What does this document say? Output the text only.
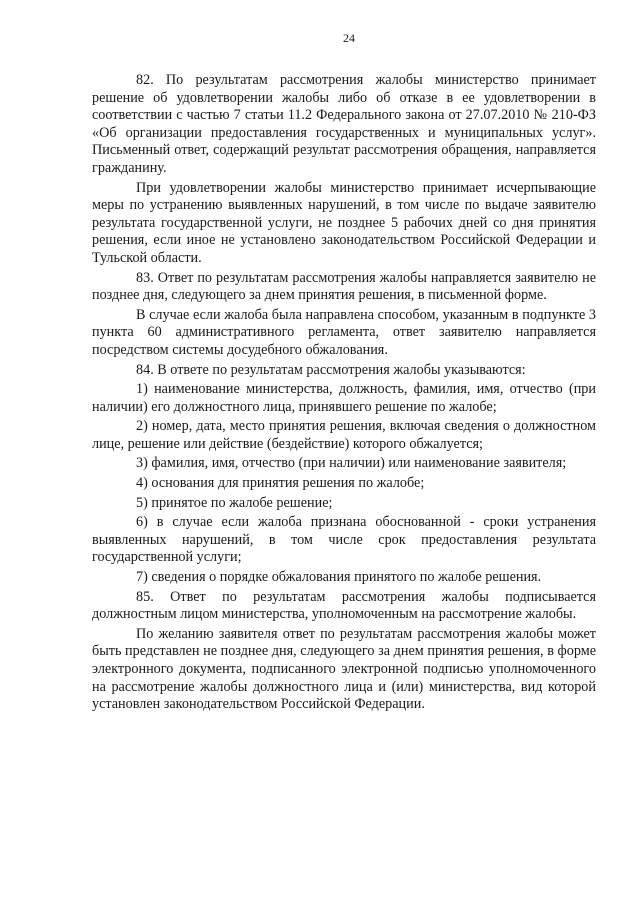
24

82. По результатам рассмотрения жалобы министерство принимает решение об удовлетворении жалобы либо об отказе в ее удовлетворении в соответствии с частью 7 статьи 11.2 Федерального закона от 27.07.2010 № 210-ФЗ «Об организации предоставления государственных и муниципальных услуг». Письменный ответ, содержащий результат рассмотрения обращения, направляется гражданину.

При удовлетворении жалобы министерство принимает исчерпывающие меры по устранению выявленных нарушений, в том числе по выдаче заявителю результата государственной услуги, не позднее 5 рабочих дней со дня принятия решения, если иное не установлено законодательством Российской Федерации и Тульской области.

83. Ответ по результатам рассмотрения жалобы направляется заявителю не позднее дня, следующего за днем принятия решения, в письменной форме.

В случае если жалоба была направлена способом, указанным в подпункте 3 пункта 60 административного регламента, ответ заявителю направляется посредством системы досудебного обжалования.

84. В ответе по результатам рассмотрения жалобы указываются:

1) наименование министерства, должность, фамилия, имя, отчество (при наличии) его должностного лица, принявшего решение по жалобе;

2) номер, дата, место принятия решения, включая сведения о должностном лице, решение или действие (бездействие) которого обжалуется;

3) фамилия, имя, отчество (при наличии) или наименование заявителя;

4) основания для принятия решения по жалобе;

5) принятое по жалобе решение;

6) в случае если жалоба признана обоснованной - сроки устранения выявленных нарушений, в том числе срок предоставления результата государственной услуги;

7) сведения о порядке обжалования принятого по жалобе решения.

85. Ответ по результатам рассмотрения жалобы подписывается должностным лицом министерства, уполномоченным на рассмотрение жалобы.

По желанию заявителя ответ по результатам рассмотрения жалобы может быть представлен не позднее дня, следующего за днем принятия решения, в форме электронного документа, подписанного электронной подписью уполномоченного на рассмотрение жалобы должностного лица и (или) министерства, вид которой установлен законодательством Российской Федерации.
